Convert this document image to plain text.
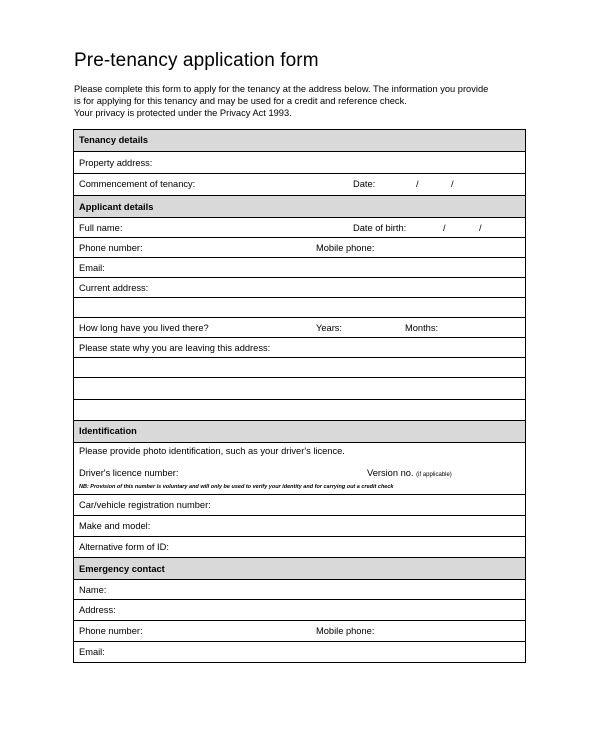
Pre-tenancy application form
Please complete this form to apply for the tenancy at the address below. The information you provide
is for applying for this tenancy and may be used for a credit and reference check.
Your privacy is protected under the Privacy Act 1993.
Tenancy details
Property address:
Commencement of tenancy:	Date:	/	/
Applicant details
Full name:	Date of birth:	/	/
Phone number:	Mobile phone:
Email:
Current address:
How long have you lived there?	Years:	Months:
Please state why you are leaving this address:
Identification
Please provide photo identification, such as your driver's licence.
Driver's licence number:	Version no. (if applicable)
NB: Provision of this number is voluntary and will only be used to verify your identity and for carrying out a credit check
Car/vehicle registration number:
Make and model:
Alternative form of ID:
Emergency contact
Name:
Address:
Phone number:	Mobile phone:
Email:
